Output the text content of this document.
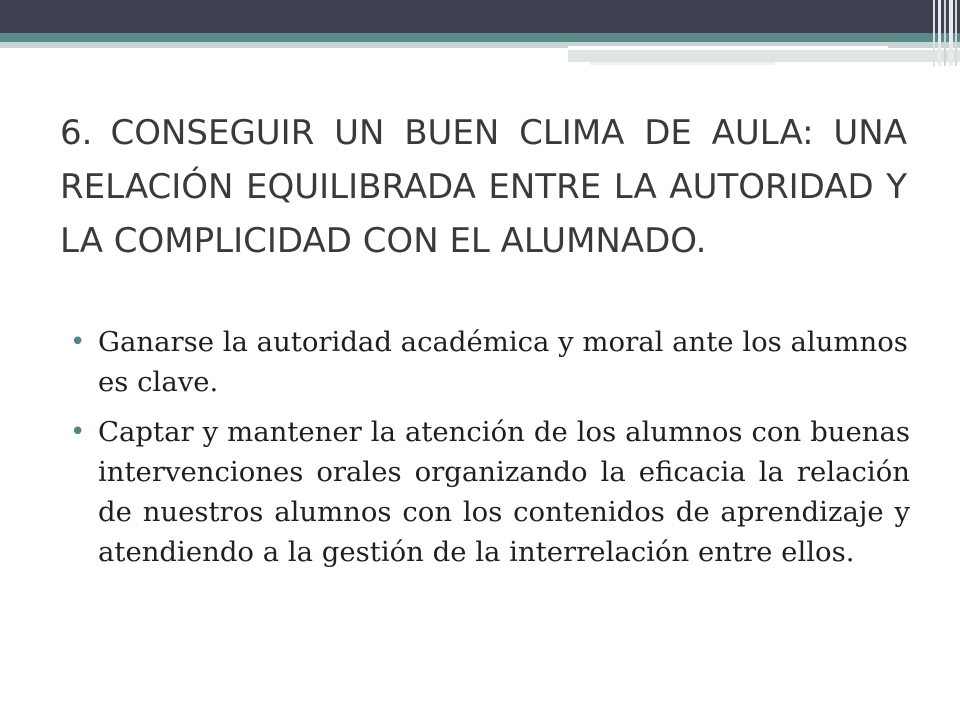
6. CONSEGUIR UN BUEN CLIMA DE AULA: UNA RELACIÓN EQUILIBRADA ENTRE LA AUTORIDAD Y LA COMPLICIDAD CON EL ALUMNADO.
• Ganarse la autoridad académica y moral ante los alumnos es clave.
• Captar y mantener la atención de los alumnos con buenas intervenciones orales organizando la eficacia la relación de nuestros alumnos con los contenidos de aprendizaje y atendiendo a la gestión de la interrelación entre ellos.
